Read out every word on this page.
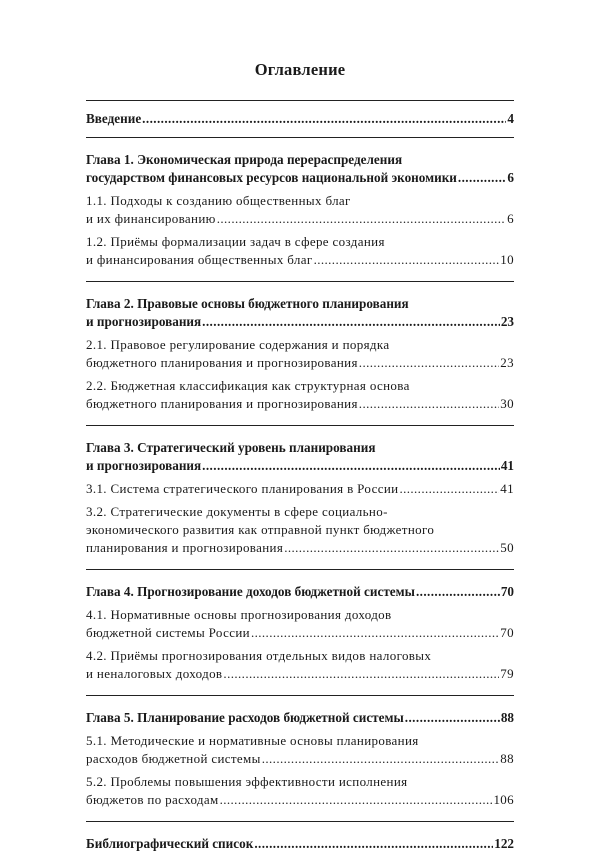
Оглавление
Введение .....	4
Глава 1. Экономическая природа перераспределения
государством финансовых ресурсов национальной экономики .....	6
1.1. Подходы к созданию общественных благ
и их финансированию .....	6
1.2. Приёмы формализации задач в сфере создания
и финансирования общественных благ .....	10
Глава 2. Правовые основы бюджетного планирования
и прогнозирования .....	23
2.1. Правовое регулирование содержания и порядка
бюджетного планирования и прогнозирования .....	23
2.2. Бюджетная классификация как структурная основа
бюджетного планирования и прогнозирования .....	30
Глава 3. Стратегический уровень планирования
и прогнозирования .....	41
3.1. Система стратегического планирования в России .....	41
3.2. Стратегические документы в сфере социально-
экономического развития как отправной пункт бюджетного
планирования и прогнозирования .....	50
Глава 4. Прогнозирование доходов бюджетной системы .....	70
4.1. Нормативные основы прогнозирования доходов
бюджетной системы России .....	70
4.2. Приёмы прогнозирования отдельных видов налоговых
и неналоговых доходов .....	79
Глава 5. Планирование расходов бюджетной системы .....	88
5.1. Методические и нормативные основы планирования
расходов бюджетной системы .....	88
5.2. Проблемы повышения эффективности исполнения
бюджетов по расходам .....	106
Библиографический список .....	122
